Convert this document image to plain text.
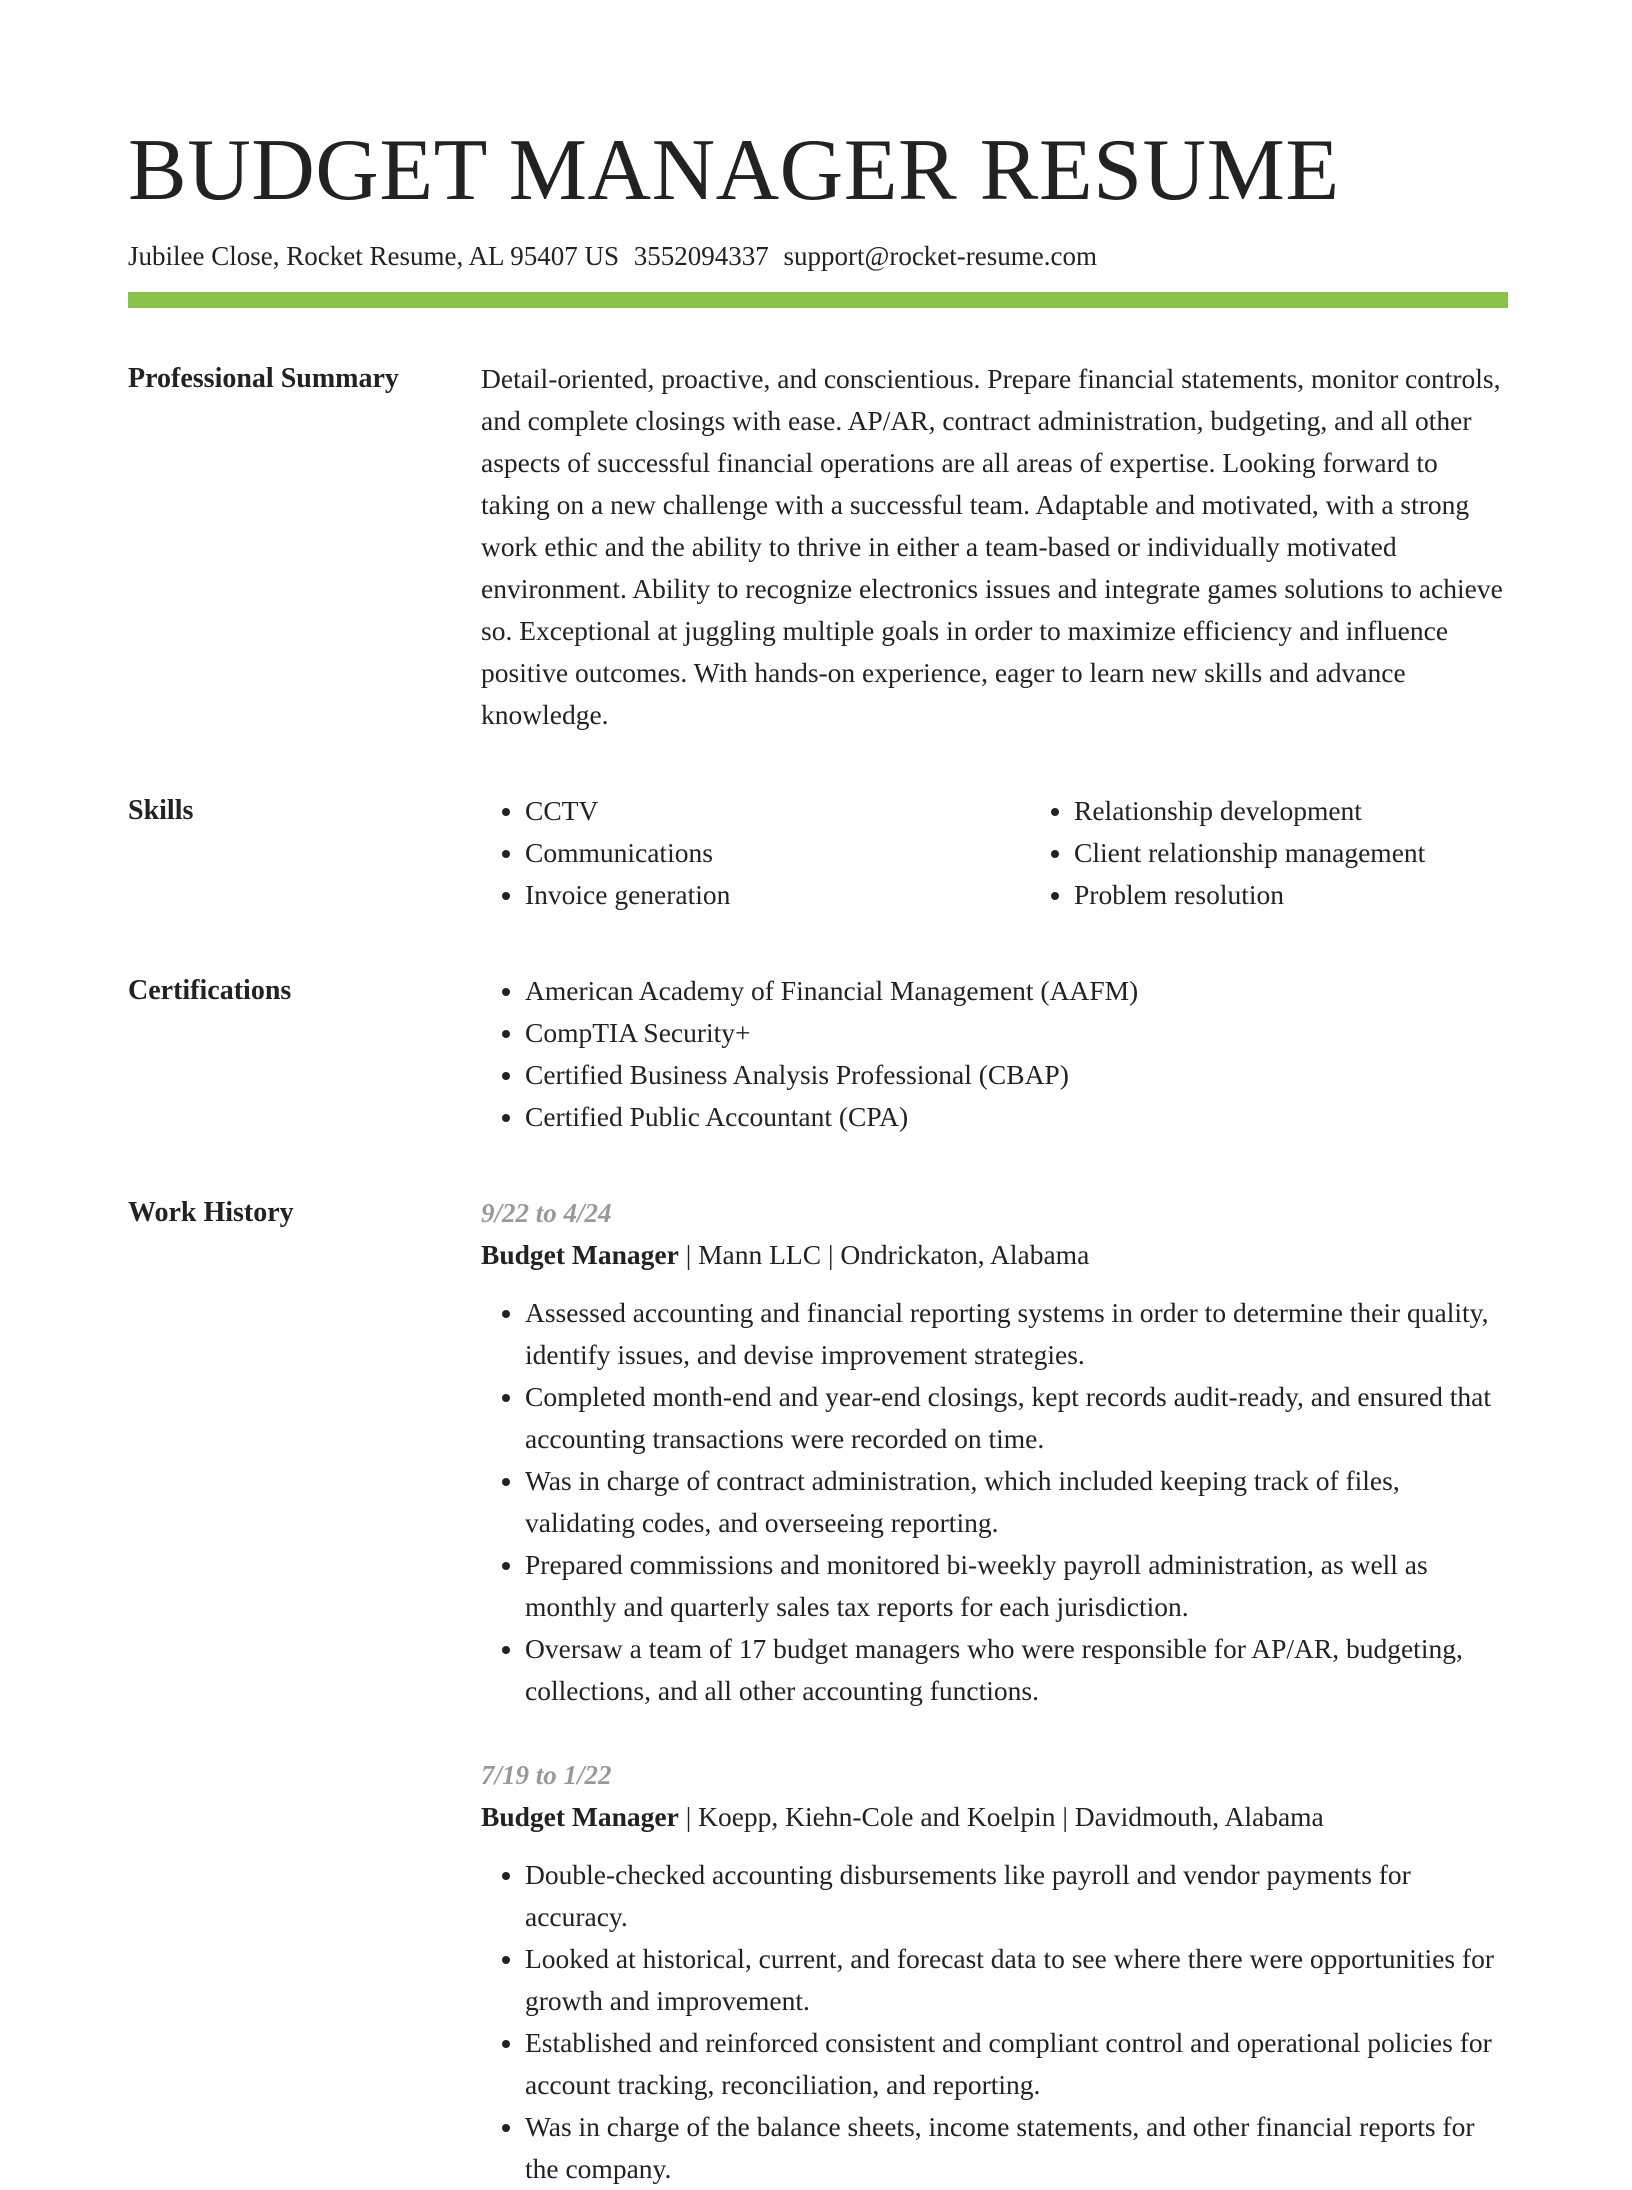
BUDGET MANAGER RESUME
Jubilee Close, Rocket Resume, AL 95407 US 3552094337 support@rocket-resume.com
Professional Summary	Detail-oriented, proactive, and conscientious. Prepare financial statements, monitor controls, and complete closings with ease. AP/AR, contract administration, budgeting, and all other aspects of successful financial operations are all areas of expertise. Looking forward to taking on a new challenge with a successful team. Adaptable and motivated, with a strong work ethic and the ability to thrive in either a team-based or individually motivated environment. Ability to recognize electronics issues and integrate games solutions to achieve so. Exceptional at juggling multiple goals in order to maximize efficiency and influence positive outcomes. With hands-on experience, eager to learn new skills and advance knowledge.

Skills	• CCTV
• Communications
• Invoice generation
• Relationship development
• Client relationship management
• Problem resolution
Certifications	• American Academy of Financial Management (AAFM)
• CompTIA Security+
• Certified Business Analysis Professional (CBAP)
• Certified Public Accountant (CPA)
Work History	9/22 to 4/24
Budget Manager | Mann LLC | Ondrickaton, Alabama
• Assessed accounting and financial reporting systems in order to determine their quality, identify issues, and devise improvement strategies.
• Completed month-end and year-end closings, kept records audit-ready, and ensured that accounting transactions were recorded on time.
• Was in charge of contract administration, which included keeping track of files, validating codes, and overseeing reporting.
• Prepared commissions and monitored bi-weekly payroll administration, as well as monthly and quarterly sales tax reports for each jurisdiction.
• Oversaw a team of 17 budget managers who were responsible for AP/AR, budgeting, collections, and all other accounting functions.
7/19 to 1/22
Budget Manager | Koepp, Kiehn-Cole and Koelpin | Davidmouth, Alabama
• Double-checked accounting disbursements like payroll and vendor payments for accuracy.
• Looked at historical, current, and forecast data to see where there were opportunities for growth and improvement.
• Established and reinforced consistent and compliant control and operational policies for account tracking, reconciliation, and reporting.
• Was in charge of the balance sheets, income statements, and other financial reports for the company.
